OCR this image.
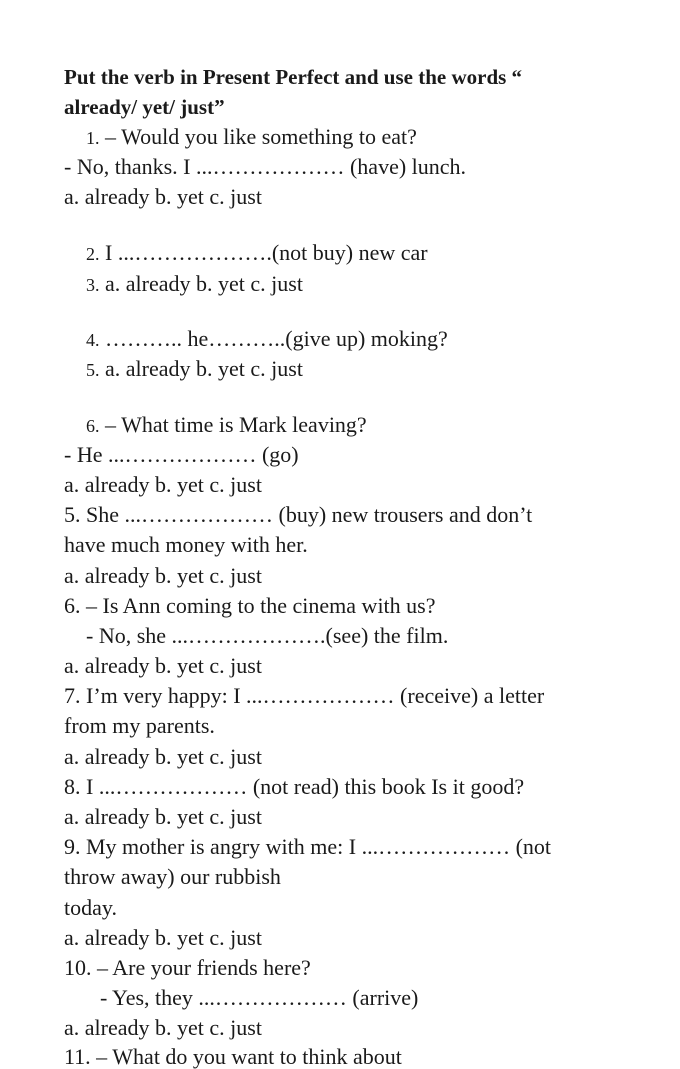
Put the verb in Present Perfect and use the words “
already/ yet/ just”
1. – Would you like something to eat?
- No, thanks. I ...……………… (have) lunch.
a. already b. yet c. just
2. I ...……………….(not buy) new car
3. a. already b. yet c. just
4. ……….. he………..(give up) moking?
5. a. already b. yet c. just
6. – What time is Mark leaving?
- He ...……………… (go)
a. already b. yet c. just
5. She ...……………… (buy) new trousers and don’t
have much money with her.
a. already b. yet c. just
6. – Is Ann coming to the cinema with us?
- No, she ...……………….(see) the film.
a. already b. yet c. just
7. I’m very happy: I ...……………… (receive) a letter
from my parents.
a. already b. yet c. just
8. I ...……………… (not read) this book Is it good?
a. already b. yet c. just
9. My mother is angry with me: I ...……………… (not
throw away) our rubbish
today.
a. already b. yet c. just
10. – Are your friends here?
- Yes, they ...……………… (arrive)
a. already b. yet c. just
11. – What do you want to think about
